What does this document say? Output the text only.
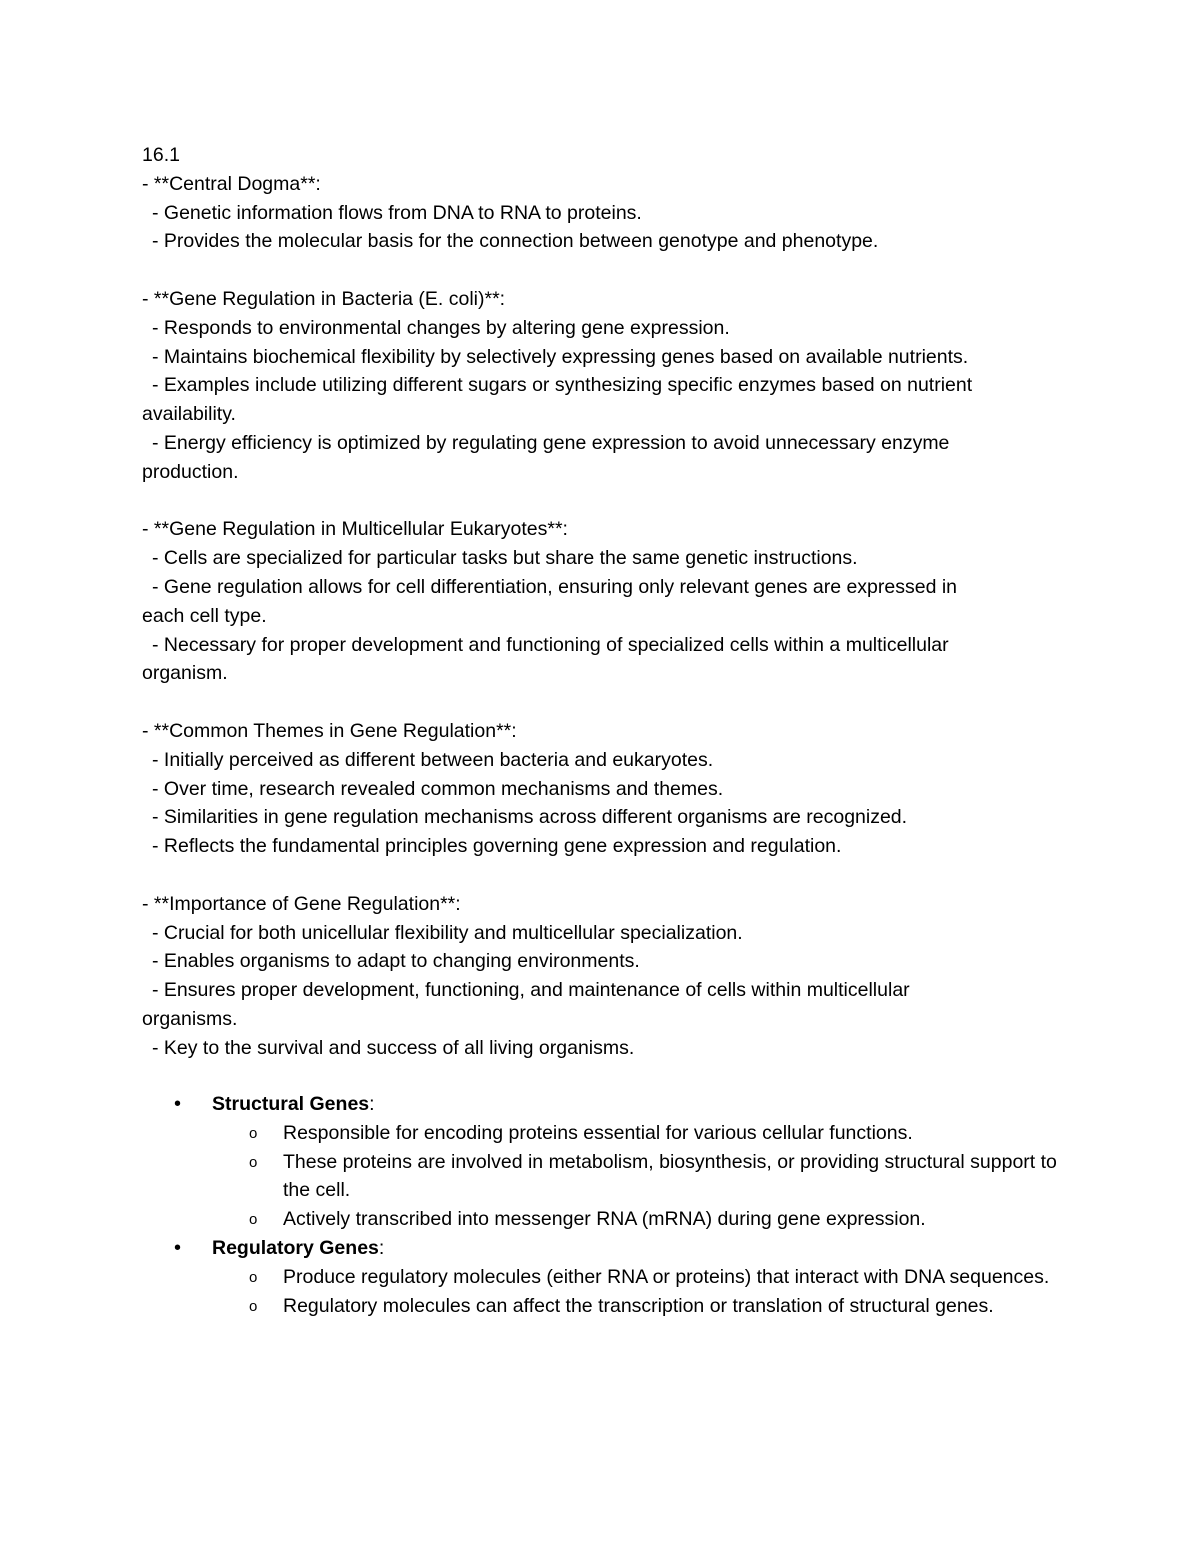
16.1

- **Central Dogma**:

- Genetic information flows from DNA to RNA to proteins.

- Provides the molecular basis for the connection between genotype and phenotype.

- **Gene Regulation in Bacteria (E. coli)**:

- Responds to environmental changes by altering gene expression.

- Maintains biochemical flexibility by selectively expressing genes based on available nutrients.

- Examples include utilizing different sugars or synthesizing specific enzymes based on nutrient

availability.

- Energy efficiency is optimized by regulating gene expression to avoid unnecessary enzyme

production.

- **Gene Regulation in Multicellular Eukaryotes**:

- Cells are specialized for particular tasks but share the same genetic instructions.

- Gene regulation allows for cell differentiation, ensuring only relevant genes are expressed in

each cell type.

- Necessary for proper development and functioning of specialized cells within a multicellular

organism.

- **Common Themes in Gene Regulation**:

- Initially perceived as different between bacteria and eukaryotes.

- Over time, research revealed common mechanisms and themes.

- Similarities in gene regulation mechanisms across different organisms are recognized.

- Reflects the fundamental principles governing gene expression and regulation.

- **Importance of Gene Regulation**:

- Crucial for both unicellular flexibility and multicellular specialization.

- Enables organisms to adapt to changing environments.

- Ensures proper development, functioning, and maintenance of cells within multicellular

organisms.

- Key to the survival and success of all living organisms.

• Structural Genes:
o Responsible for encoding proteins essential for various cellular functions.
o These proteins are involved in metabolism, biosynthesis, or providing structural support to the cell.
o Actively transcribed into messenger RNA (mRNA) during gene expression.
• Regulatory Genes:
o Produce regulatory molecules (either RNA or proteins) that interact with DNA sequences.
o Regulatory molecules can affect the transcription or translation of structural genes.
